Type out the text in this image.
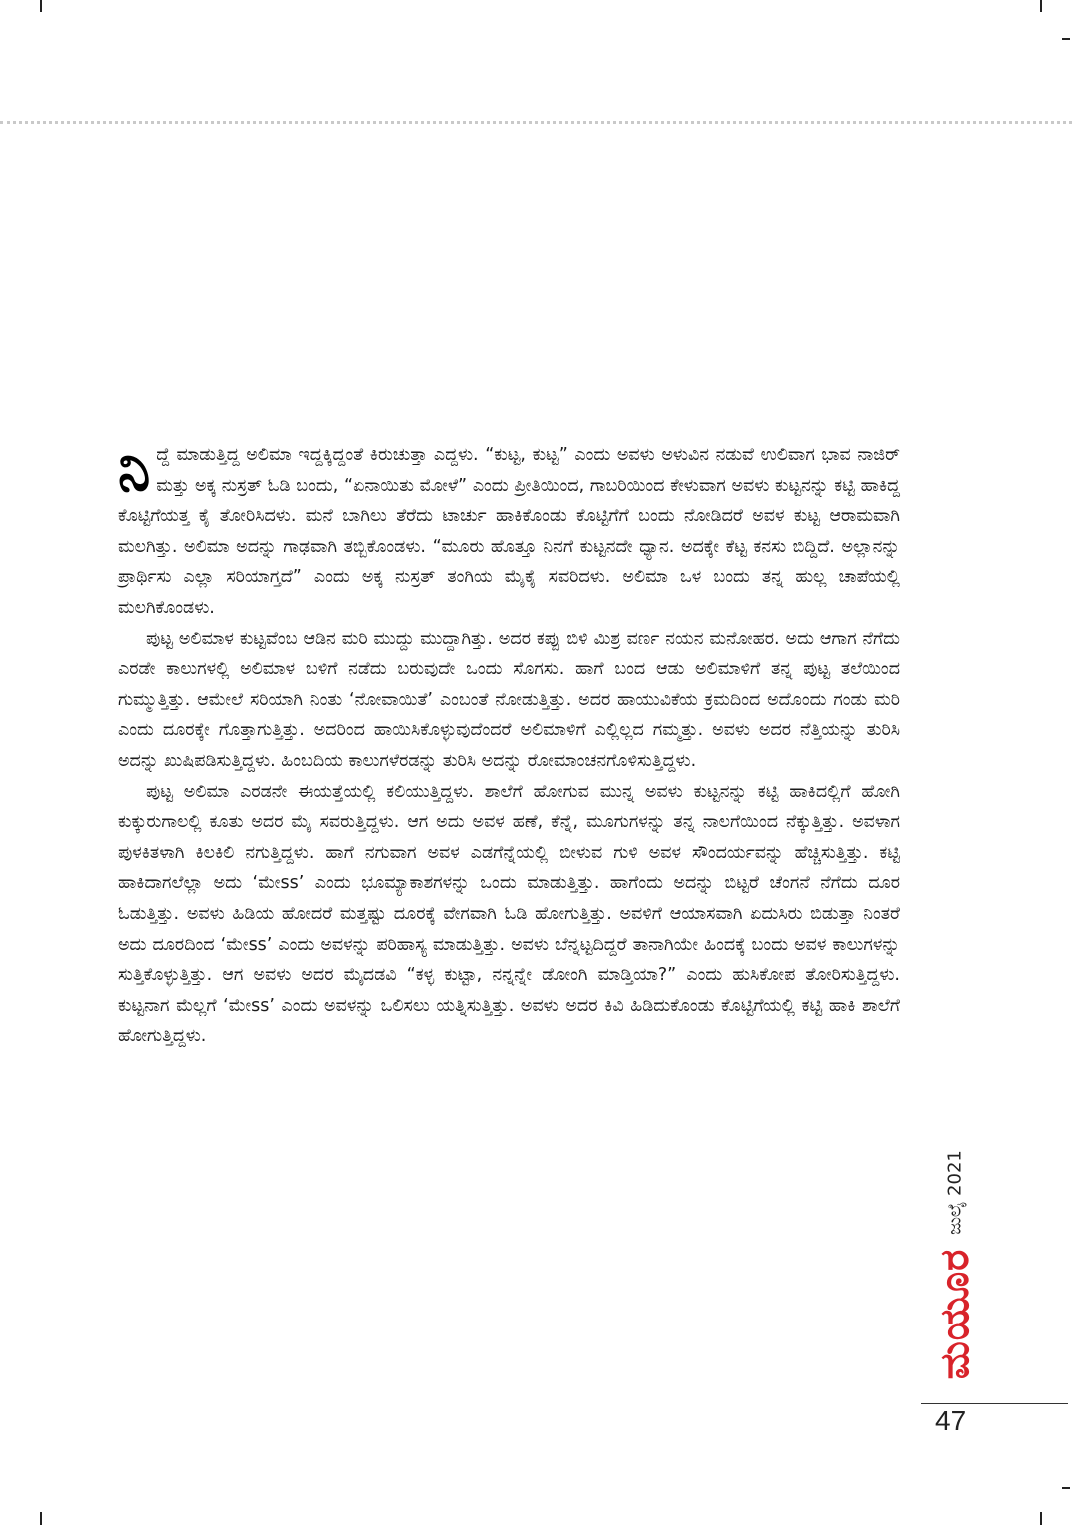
ನಿದ್ದೆ ಮಾಡುತ್ತಿದ್ದ ಅಲಿಮಾ ಇದ್ದಕ್ಕಿದ್ದಂತೆ ಕಿರುಚುತ್ತಾ ಎದ್ದಳು. “ಕುಟ್ಟ, ಕುಟ್ಟ” ಎಂದು ಅವಳು ಅಳುವಿನ ನಡುವೆ ಉಲಿವಾಗ ಭಾವ ನಾಜಿರ್ ಮತ್ತು ಅಕ್ಕ ನುಸ್ರತ್ ಓಡಿ ಬಂದು, “ಏನಾಯಿತು ಮೋಳೆ” ಎಂದು ಪ್ರೀತಿಯಿಂದ, ಗಾಬರಿಯಿಂದ ಕೇಳುವಾಗ ಅವಳು ಕುಟ್ಟನನ್ನು ಕಟ್ಟಿ ಹಾಕಿದ್ದ ಕೊಟ್ಟಿಗೆಯತ್ತ ಕೈ ತೋರಿಸಿದಳು. ಮನೆ ಬಾಗಿಲು ತೆರೆದು ಟಾರ್ಚು ಹಾಕಿಕೊಂಡು ಕೊಟ್ಟಿಗೆಗೆ ಬಂದು ನೋಡಿದರೆ ಅವಳ ಕುಟ್ಟ ಆರಾಮವಾಗಿ ಮಲಗಿತ್ತು. ಅಲಿಮಾ ಅದನ್ನು ಗಾಢವಾಗಿ ತಬ್ಬಿಕೊಂಡಳು. “ಮೂರು ಹೊತ್ತೂ ನಿನಗೆ ಕುಟ್ಟನದೇ ಧ್ಯಾನ. ಅದಕ್ಕೇ ಕೆಟ್ಟ ಕನಸು ಬಿದ್ದಿದೆ. ಅಲ್ಲಾನನ್ನು ಪ್ರಾರ್ಥಿಸು ಎಲ್ಲಾ ಸರಿಯಾಗ್ತದೆ” ಎಂದು ಅಕ್ಕ ನುಸ್ರತ್ ತಂಗಿಯ ಮೈಕೈ ಸವರಿದಳು. ಅಲಿಮಾ ಒಳ ಬಂದು ತನ್ನ ಹುಲ್ಲ ಚಾಪೆಯಲ್ಲಿ ಮಲಗಿಕೊಂಡಳು.

ಪುಟ್ಟ ಅಲಿಮಾಳ ಕುಟ್ಟವೆಂಬ ಆಡಿನ ಮರಿ ಮುದ್ದು ಮುದ್ದಾಗಿತ್ತು. ಅದರ ಕಪ್ಪು ಬಿಳಿ ಮಿಶ್ರ ವರ್ಣ ನಯನ ಮನೋಹರ. ಅದು ಆಗಾಗ ನೆಗೆದು ಎರಡೇ ಕಾಲುಗಳಲ್ಲಿ ಅಲಿಮಾಳ ಬಳಿಗೆ ನಡೆದು ಬರುವುದೇ ಒಂದು ಸೊಗಸು. ಹಾಗೆ ಬಂದ ಆಡು ಅಲಿಮಾಳಿಗೆ ತನ್ನ ಪುಟ್ಟ ತಲೆಯಿಂದ ಗುಮ್ಮುತ್ತಿತ್ತು. ಆಮೇಲೆ ಸರಿಯಾಗಿ ನಿಂತು ‘ನೋವಾಯಿತೆ’ ಎಂಬಂತೆ ನೋಡುತ್ತಿತ್ತು. ಅದರ ಹಾಯುವಿಕೆಯ ಕ್ರಮದಿಂದ ಅದೊಂದು ಗಂಡು ಮರಿ ಎಂದು ದೂರಕ್ಕೇ ಗೊತ್ತಾಗುತ್ತಿತ್ತು. ಅದರಿಂದ ಹಾಯಿಸಿಕೊಳ್ಳುವುದೆಂದರೆ ಅಲಿಮಾಳಿಗೆ ಎಲ್ಲಿಲ್ಲದ ಗಮ್ಮತ್ತು. ಅವಳು ಅದರ ನೆತ್ತಿಯನ್ನು ತುರಿಸಿ ಅದನ್ನು ಖುಷಿಪಡಿಸುತ್ತಿದ್ದಳು. ಹಿಂಬದಿಯ ಕಾಲುಗಳೆರಡನ್ನು ತುರಿಸಿ ಅದನ್ನು ರೋಮಾಂಚನಗೊಳಿಸುತ್ತಿದ್ದಳು.

ಪುಟ್ಟ ಅಲಿಮಾ ಎರಡನೇ ಈಯತ್ತೆಯಲ್ಲಿ ಕಲಿಯುತ್ತಿದ್ದಳು. ಶಾಲೆಗೆ ಹೋಗುವ ಮುನ್ನ ಅವಳು ಕುಟ್ಟನನ್ನು ಕಟ್ಟಿ ಹಾಕಿದಲ್ಲಿಗೆ ಹೋಗಿ ಕುಕ್ಕುರುಗಾಲಲ್ಲಿ ಕೂತು ಅದರ ಮೈ ಸವರುತ್ತಿದ್ದಳು. ಆಗ ಅದು ಅವಳ ಹಣೆ, ಕೆನ್ನೆ, ಮೂಗುಗಳನ್ನು ತನ್ನ ನಾಲಗೆಯಿಂದ ನೆಕ್ಕುತ್ತಿತ್ತು. ಅವಳಾಗ ಪುಳಕಿತಳಾಗಿ ಕಿಲಕಿಲಿ ನಗುತ್ತಿದ್ದಳು. ಹಾಗೆ ನಗುವಾಗ ಅವಳ ಎಡಗೆನ್ನೆಯಲ್ಲಿ ಬೀಳುವ ಗುಳಿ ಅವಳ ಸೌಂದರ್ಯವನ್ನು ಹೆಚ್ಚಿಸುತ್ತಿತ್ತು. ಕಟ್ಟಿ ಹಾಕಿದಾಗಲೆಲ್ಲಾ ಅದು ‘ಮೇss’ ಎಂದು ಭೂಮ್ಯಾಕಾಶಗಳನ್ನು ಒಂದು ಮಾಡುತ್ತಿತ್ತು. ಹಾಗೆಂದು ಅದನ್ನು ಬಿಟ್ಟರೆ ಚೆಂಗನೆ ನೆಗೆದು ದೂರ ಓಡುತ್ತಿತ್ತು. ಅವಳು ಹಿಡಿಯ ಹೋದರೆ ಮತ್ತಷ್ಟು ದೂರಕ್ಕೆ ವೇಗವಾಗಿ ಓಡಿ ಹೋಗುತ್ತಿತ್ತು. ಅವಳಿಗೆ ಆಯಾಸವಾಗಿ ಏದುಸಿರು ಬಿಡುತ್ತಾ ನಿಂತರೆ ಅದು ದೂರದಿಂದ ‘ಮೇss’ ಎಂದು ಅವಳನ್ನು ಪರಿಹಾಸ್ಯ ಮಾಡುತ್ತಿತ್ತು. ಅವಳು ಬೆನ್ನಟ್ಟದಿದ್ದರೆ ತಾನಾಗಿಯೇ ಹಿಂದಕ್ಕೆ ಬಂದು ಅವಳ ಕಾಲುಗಳನ್ನು ಸುತ್ತಿಕೊಳ್ಳುತ್ತಿತ್ತು. ಆಗ ಅವಳು ಅದರ ಮೈದಡವಿ “ಕಳ್ಳ ಕುಟ್ಟಾ, ನನ್ನನ್ನೇ ಡೋಂಗಿ ಮಾಡ್ತಿಯಾ?” ಎಂದು ಹುಸಿಕೋಪ ತೋರಿಸುತ್ತಿದ್ದಳು. ಕುಟ್ಟನಾಗ ಮೆಲ್ಲಗೆ ‘ಮೇss’ ಎಂದು ಅವಳನ್ನು ಒಲಿಸಲು ಯತ್ನಿಸುತ್ತಿತ್ತು. ಅವಳು ಅದರ ಕಿವಿ ಹಿಡಿದುಕೊಂಡು ಕೊಟ್ಟಿಗೆಯಲ್ಲಿ ಕಟ್ಟಿ ಹಾಕಿ ಶಾಲೆಗೆ ಹೋಗುತ್ತಿದ್ದಳು.

ಜುಲೈ 2021
ಮಯೂರ
47
